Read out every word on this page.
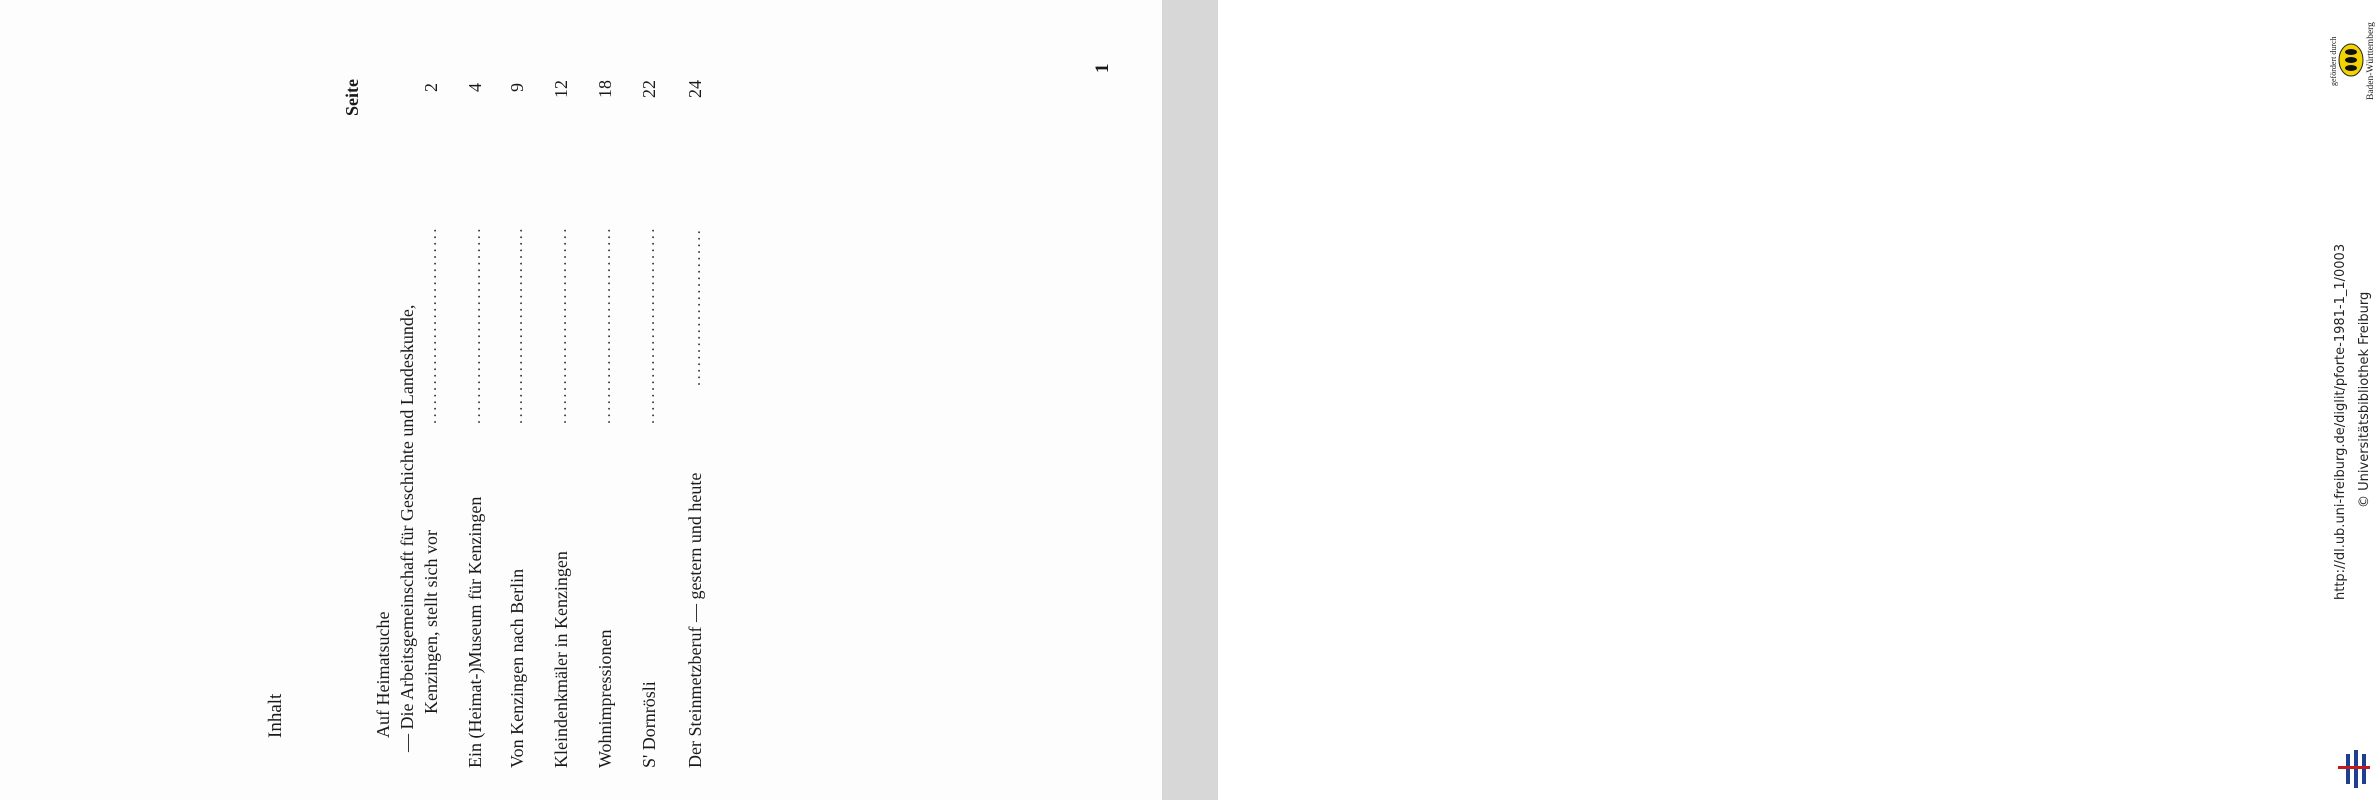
Inhalt
Seite
1
Auf Heimatsuche — Die Arbeitsgemeinschaft für Geschichte und Landeskunde, Kenzingen, stellt sich vor
..............................
2
Ein (Heimat-)Museum für Kenzingen
..............................
4
Von Kenzingen nach Berlin
..............................
9
Kleindenkmäler in Kenzingen
..............................
12
Wohnimpressionen
..............................
18
S' Dornrösli
..............................
22
Der Steinmetzberuf — gestern und heute
........................
24
http://dl.ub.uni-freiburg.de/diglit/pforte-1981-1_1/0003 © Universitätsbibliothek Freiburg
gefördert durch	Baden-Württemberg
